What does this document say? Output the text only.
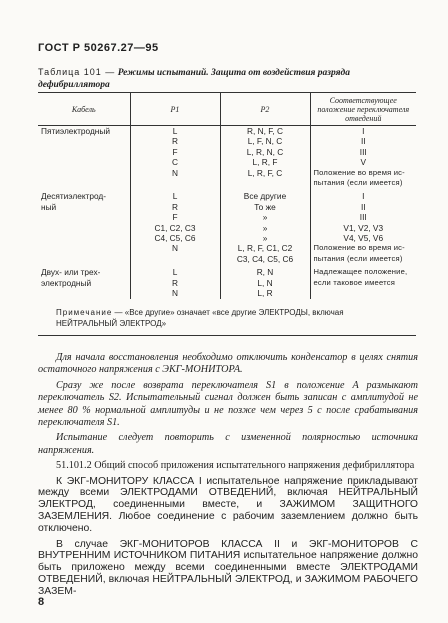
ГОСТ Р 50267.27—95
Таблица 101 — Режимы испытаний. Защита от воздействия разряда дефибриллятора
Кабель	P1	P2	Соответствующее положение переключателя отведений
Пятиэлектродный	L	R, N, F, C	I
	R	L, F, N, C	II
	F	L, R, N, C	III
	C	L, R, F	V
	N	L, R, F, C	Положение во время ис-
			пытания (если имеется)

Десятиэлектрод-	L	Все другие	I
ный	R	То же	II
	F	»	III
	C1, C2, C3	»	V1, V2, V3
	C4, C5, C6	»	V4, V5, V6
	N	L, R, F, C1, C2	Положение во время ис-
		C3, C4, C5, C6	пытания (если имеется)

Двух- или трех-	L	R, N	Надлежащее положение,
электродный	R	L, N	если таковое имеется
	N	L, R	
Примечание — «Все другие» означает «все другие ЭЛЕКТРОДЫ, включая НЕЙТРАЛЬНЫЙ ЭЛЕКТРОД»			

Для начала восстановления необходимо отключить конденсатор в целях снятия остаточного напряжения с ЭКГ-МОНИТОРА.

Сразу же после возврата переключателя S1 в положение A размыкают переключатель S2. Испытательный сигнал должен быть записан с амплитудой не менее 80 % нормальной амплитуды и не позже чем через 5 с после срабатывания переключателя S1.

Испытание следует повторить с измененной полярностью источника напряжения.

51.101.2 Общий способ приложения испытательного напряжения дефибриллятора

К ЭКГ-МОНИТОРУ КЛАССА I испытательное напряжение прикладывают между всеми ЭЛЕКТРОДАМИ ОТВЕДЕНИЙ, включая НЕЙТРАЛЬНЫЙ ЭЛЕКТРОД, соединенными вместе, и ЗАЖИМОМ ЗАЩИТНОГО ЗАЗЕМЛЕНИЯ. Любое соединение с рабочим заземлением должно быть отключено.

В случае ЭКГ-МОНИТОРОВ КЛАССА II и ЭКГ-МОНИТОРОВ С ВНУТРЕННИМ ИСТОЧНИКОМ ПИТАНИЯ испытательное напряжение должно быть приложено между всеми соединенными вместе ЭЛЕКТРОДАМИ ОТВЕДЕНИЙ, включая НЕЙТРАЛЬНЫЙ ЭЛЕКТРОД, и ЗАЖИМОМ РАБОЧЕГО ЗАЗЕМ-

8
